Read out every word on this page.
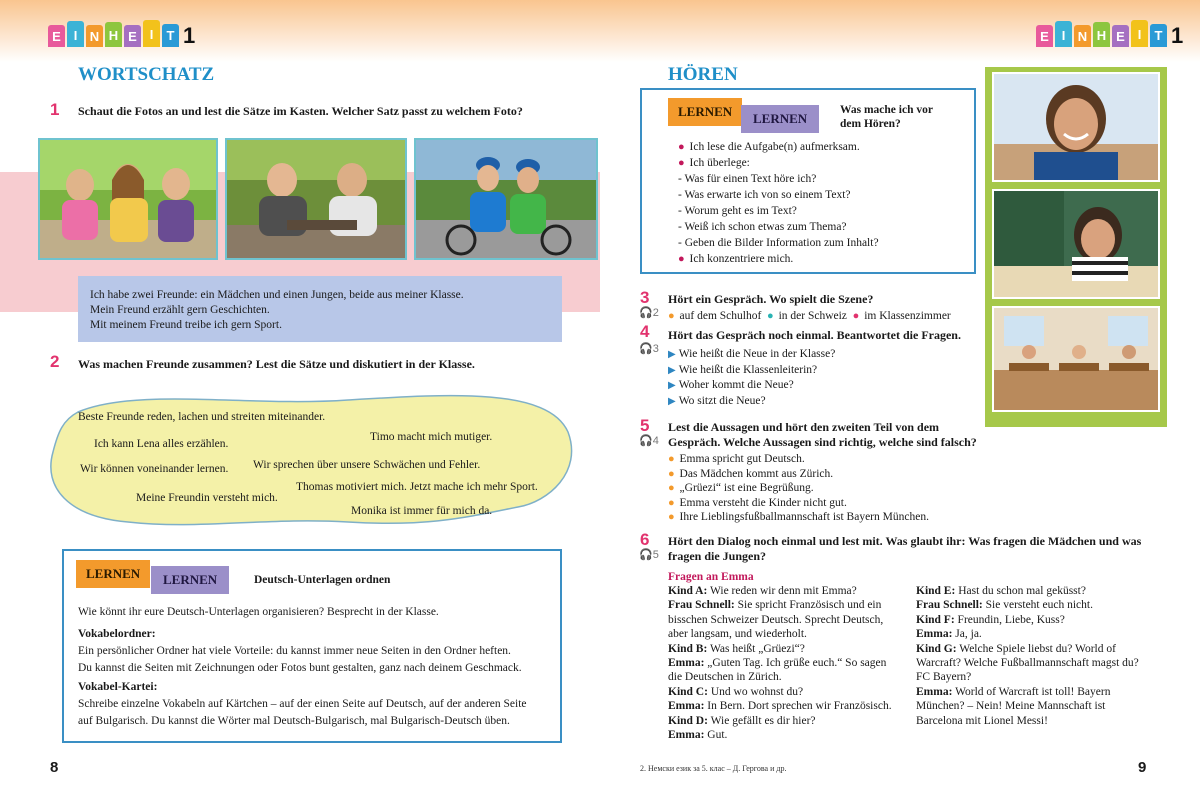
E I N H E I	T 1
WORTSCHATZ
1 Schaut die Fotos an und lest die Sätze im Kasten. Welcher Satz passt zu welchem Foto?
Ich habe zwei Freunde: ein Mädchen und einen Jungen, beide aus meiner Klasse.
Mein Freund erzählt gern Geschichten.
Mit meinem Freund treibe ich gern Sport.
2 Was machen Freunde zusammen? Lest die Sätze und diskutiert in der Klasse.
Beste Freunde reden, lachen und streiten miteinander.
Ich kann Lena alles erzählen.
Timo macht mich mutiger.
Wir können voneinander lernen. Wir sprechen über unsere Schwächen und Fehler.
Thomas motiviert mich. Jetzt mache ich mehr Sport.
Meine Freundin versteht mich.
Monika ist immer für mich da.
LERNEN	LERNEN	Deutsch-Unterlagen ordnen
Wie könnt ihr eure Deutsch-Unterlagen organisieren? Besprecht in der Klasse.
Vokabelordner:
Ein persönlicher Ordner hat viele Vorteile: du kannst immer neue Seiten in den Ordner heften.
Du kannst die Seiten mit Zeichnungen oder Fotos bunt gestalten, ganz nach deinem Geschmack.
Vokabel-Kartei:
Schreibe einzelne Vokabeln auf Kärtchen – auf der einen Seite auf Deutsch, auf der anderen Seite
auf Bulgarisch. Du kannst die Wörter mal Deutsch-Bulgarisch, mal Bulgarisch-Deutsch üben.
8
E I N H E I	T 1
HÖREN
LERNEN	LERNEN
Was mache ich vor
dem Hören?
● Ich lese die Aufgabe(n) aufmerksam.
● Ich überlege:
- Was für einen Text höre ich?
- Was erwarte ich von so einem Text?
- Worum geht es im Text?
- Weiß ich schon etwas zum Thema?
- Geben die Bilder Information zum Inhalt?
● Ich konzentriere mich.
3 Hört ein Gespräch. Wo spielt die Szene?
🎧2 ● auf dem Schulhof ● in der Schweiz ● im Klassenzimmer
4 Hört das Gespräch noch einmal. Beantwortet die Fragen.
🎧3 ▶ Wie heißt die Neue in der Klasse?
▶ Wie heißt die Klassenleiterin?
▶ Woher kommt die Neue?
▶ Wo sitzt die Neue?
5 Lest die Aussagen und hört den zweiten Teil von dem
Gespräch. Welche Aussagen sind richtig, welche sind falsch?
🎧4
● Emma spricht gut Deutsch.
● Das Mädchen kommt aus Zürich.
● „Grüezi“ ist eine Begrüßung.
● Emma versteht die Kinder nicht gut.
● Ihre Lieblingsfußballmannschaft ist Bayern München.
6 Hört den Dialog noch einmal und lest mit. Was glaubt ihr: Was fragen die Mädchen und was
fragen die Jungen?
🎧5
Fragen an Emma
Kind A: Wie reden wir denn mit Emma?
Frau Schnell: Sie spricht Französisch und ein
bisschen Schweizer Deutsch. Spreсht Deutsch,
aber langsam, und wiederholt.
Kind B: Was heißt „Grüezi“?
Emma: „Guten Tag. Ich grüße euch.“ So sagen
die Deutschen in Zürich.
Kind C: Und wo wohnst du?
Emma: In Bern. Dort sprechen wir Französisch.
Kind D: Wie gefällt es dir hier?
Emma: Gut.
Kind E: Hast du schon mal geküsst?
Frau Schnell: Sie versteht euch nicht.
Kind F: Freundin, Liebe, Kuss?
Emma: Ja, ja.
Kind G: Welche Spiele liebst du? World of
Warcraft? Welche Fußballmannschaft magst du?
FC Bayern?
Emma: World of Warcraft ist toll! Bayern
München? – Nein! Meine Mannschaft ist
Barcelona mit Lionel Messi!
2. Немски език за 5. клас – Д. Гергова и др.	9
